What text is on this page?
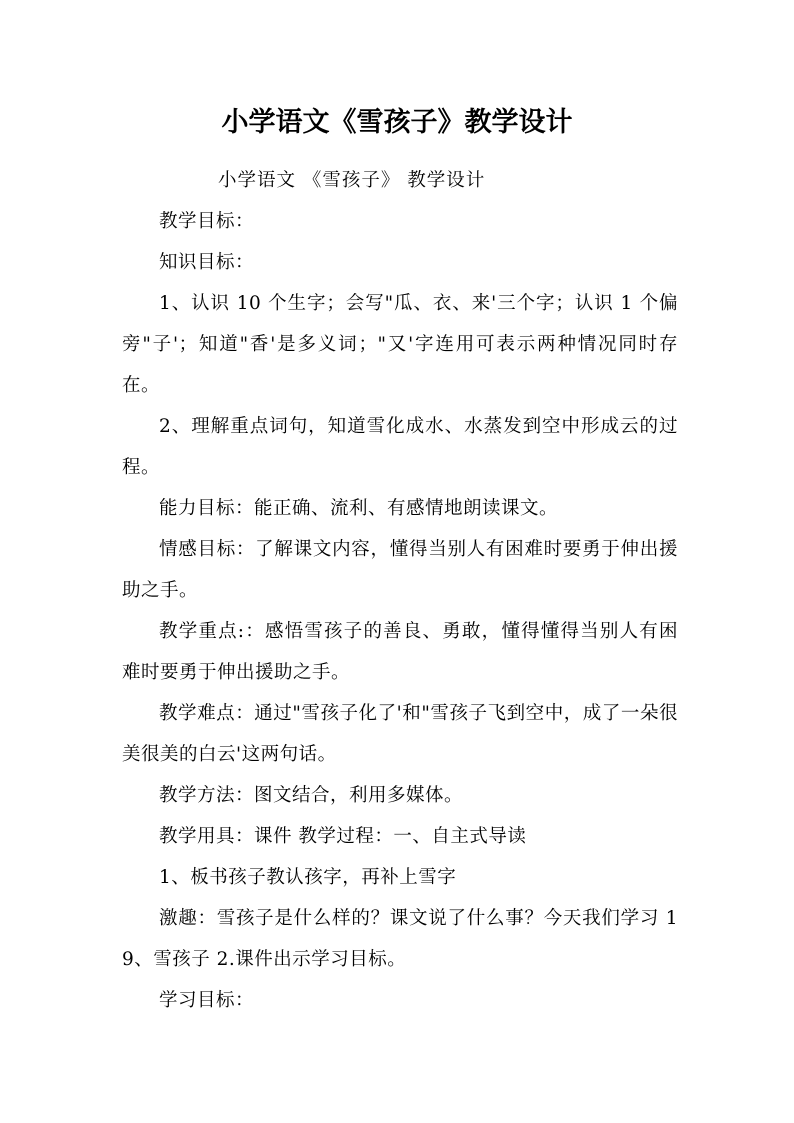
小学语文《雪孩子》教学设计

小学语文 《雪孩子》 教学设计

教学目标：

知识目标：

1、认识 10 个生字；会写"瓜、衣、来'三个字；认识 1 个偏旁"子'；知道"香'是多义词；"又'字连用可表示两种情况同时存在。

2、理解重点词句，知道雪化成水、水蒸发到空中形成云的过程。

能力目标：能正确、流利、有感情地朗读课文。

情感目标：了解课文内容，懂得当别人有困难时要勇于伸出援助之手。

教学重点:：感悟雪孩子的善良、勇敢，懂得懂得当别人有困难时要勇于伸出援助之手。

教学难点：通过"雪孩子化了'和"雪孩子飞到空中，成了一朵很美很美的白云'这两句话。

教学方法：图文结合，利用多媒体。

教学用具：课件 教学过程：一、自主式导读

1、板书孩子教认孩字，再补上雪字

激趣：雪孩子是什么样的？课文说了什么事？今天我们学习 19、雪孩子 2.课件出示学习目标。

学习目标：
